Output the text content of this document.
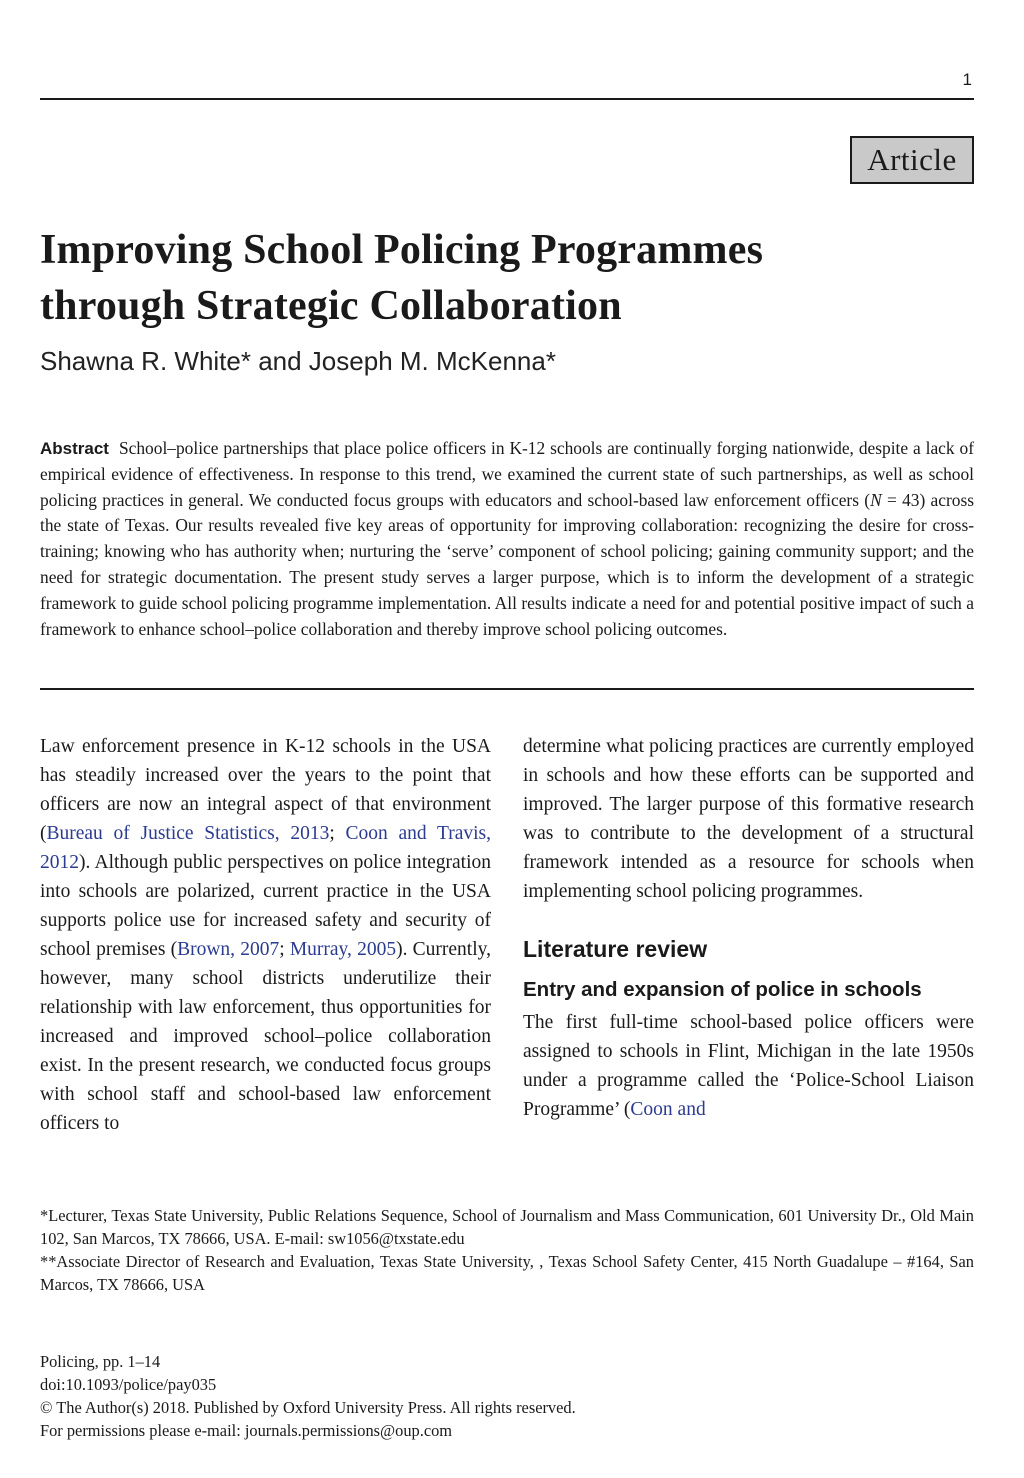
1
Article
Improving School Policing Programmes
through Strategic Collaboration
Shawna R. White* and Joseph M. McKenna*
Abstract School–police partnerships that place police officers in K-12 schools are continually forging nationwide, despite a lack of empirical evidence of effectiveness. In response to this trend, we examined the current state of such partnerships, as well as school policing practices in general. We conducted focus groups with educators and school-based law enforcement officers (N = 43) across the state of Texas. Our results revealed five key areas of opportunity for improving collaboration: recognizing the desire for cross-training; knowing who has authority when; nurturing the ‘serve’ component of school policing; gaining community support; and the need for strategic documentation. The present study serves a larger purpose, which is to inform the development of a strategic framework to guide school policing programme implementation. All results indicate a need for and potential positive impact of such a framework to enhance school–police collaboration and thereby improve school policing outcomes.

Law enforcement presence in K-12 schools in the USA has steadily increased over the years to the point that officers are now an integral aspect of that environment (Bureau of Justice Statistics, 2013; Coon and Travis, 2012). Although public perspectives on police integration into schools are polarized, current practice in the USA supports police use for increased safety and security of school premises (Brown, 2007; Murray, 2005). Currently, however, many school districts underutilize their relationship with law enforcement, thus opportunities for increased and improved school–police collaboration exist. In the present research, we conducted focus groups with school staff and school-based law enforcement officers to

determine what policing practices are currently employed in schools and how these efforts can be supported and improved. The larger purpose of this formative research was to contribute to the development of a structural framework intended as a resource for schools when implementing school policing programmes.

Literature review
Entry and expansion of police in schools

The first full-time school-based police officers were assigned to schools in Flint, Michigan in the late 1950s under a programme called the ‘Police-School Liaison Programme’ (Coon and

*Lecturer, Texas State University, Public Relations Sequence, School of Journalism and Mass Communication, 601 University Dr., Old Main 102, San Marcos, TX 78666, USA. E-mail: sw1056@txstate.edu

**Associate Director of Research and Evaluation, Texas State University, , Texas School Safety Center, 415 North Guadalupe – #164, San Marcos, TX 78666, USA

Policing, pp. 1–14
doi:10.1093/police/pay035
© The Author(s) 2018. Published by Oxford University Press. All rights reserved.
For permissions please e-mail: journals.permissions@oup.com
